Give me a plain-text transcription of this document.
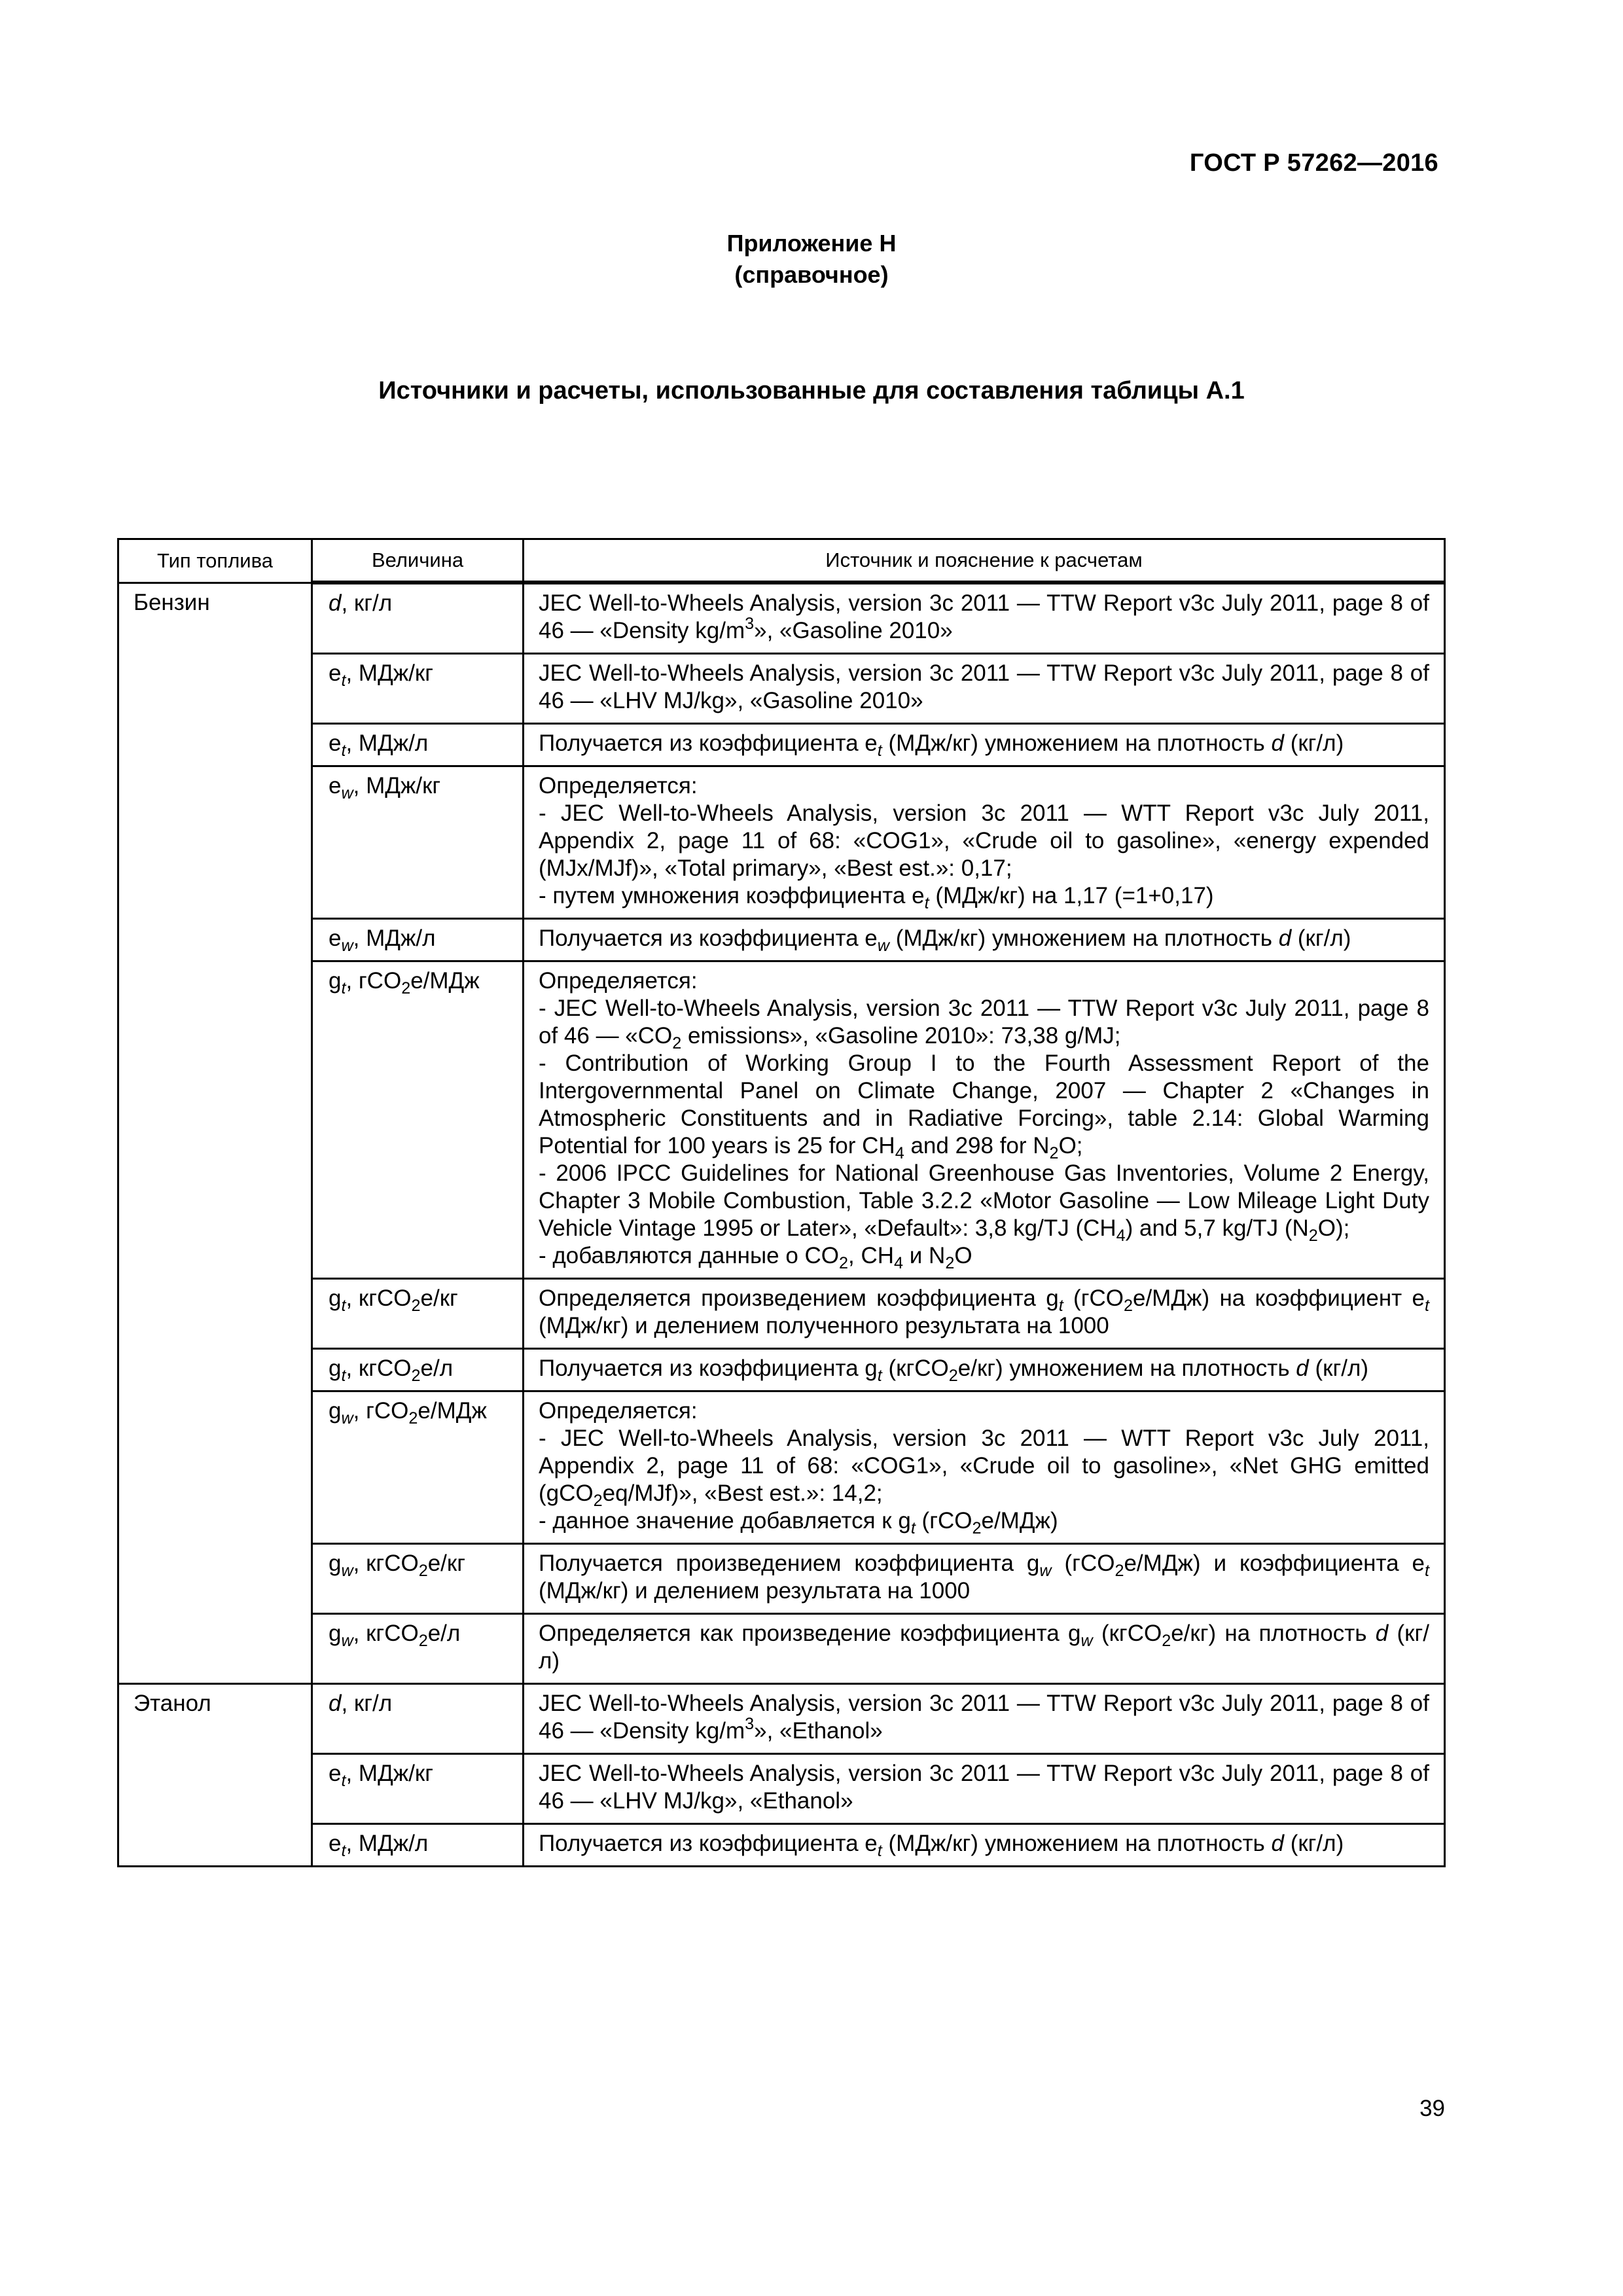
ГОСТ Р 57262—2016
Приложение Н
(справочное)
Источники и расчеты, использованные для составления таблицы А.1
Тип топлива	Величина	Источник и пояснение к расчетам
Бензин	d, кг/л	JEC Well-to-Wheels Analysis, version 3c 2011 — TTW Report v3c July 2011, page 8 of 46 — «Density $kg/m^3$», «Gasoline 2010»
	$e_t$, МДж/кг	JEC Well-to-Wheels Analysis, version 3c 2011 — TTW Report v3c July 2011, page 8 of 46 — «LHV MJ/kg», «Gasoline 2010»
	$e_t$, МДж/л	Получается из коэффициента $e_t$ (МДж/кг) умножением на плотность d (кг/л)
	$e_w$, МДж/кг	Определяется:
- JEC Well-to-Wheels Analysis, version 3c 2011 — WTT Report v3c July 2011, Appendix 2, page 11 of 68: «COG1», «Crude oil to gasoline», «energy expended (MJx/MJf)», «Total primary», «Best est.»: 0,17;
- путем умножения коэффициента $e_t$ (МДж/кг) на 1,17 (=1+0,17)
	$e_w$, МДж/л	Получается из коэффициента $e_w$ (МДж/кг) умножением на плотность d (кг/л)
	$g_t$, гCO$_2$e/МДж	Определяется:
- JEC Well-to-Wheels Analysis, version 3c 2011 — TTW Report v3c July 2011, page 8 of 46 — «$CO_2$ emissions», «Gasoline 2010»: 73,38 g/MJ;
- Contribution of Working Group I to the Fourth Assessment Report of the Intergovernmental Panel on Climate Change, 2007 — Chapter 2 «Changes in Atmospheric Constituents and in Radiative Forcing», table 2.14: Global Warming Potential for 100 years is 25 for $CH_4$ and 298 for $N_2O$;
- 2006 IPCC Guidelines for National Greenhouse Gas Inventories, Volume 2 Energy, Chapter 3 Mobile Combustion, Table 3.2.2 «Motor Gasoline — Low Mileage Light Duty Vehicle Vintage 1995 or Later», «Default»: 3,8 kg/TJ $(CH_4)$ and 5,7 kg/TJ $(N_2O)$;
- добавляются данные о $CO_2$, $CH_4$ и $N_2O$
	$g_t$, кгCO$_2$e/кг	Определяется произведением коэффициента $g_t$ (гCO$_2$e/МДж) на коэффициент $e_t$ (МДж/кг) и делением полученного результата на 1000
	$g_t$, кгCO$_2$e/л	Получается из коэффициента $g_t$ (кгCO$_2$e/кг) умножением на плотность d (кг/л)
	$g_w$, гCO$_2$e/МДж	Определяется:
- JEC Well-to-Wheels Analysis, version 3c 2011 — WTT Report v3c July 2011, Appendix 2, page 11 of 68: «COG1», «Crude oil to gasoline», «Net GHG emitted (gCO$_2$eq/MJf)», «Best est.»: 14,2;
- данное значение добавляется к $g_t$ (гCO$_2$e/МДж)
	$g_w$, кгCO$_2$e/кг	Получается произведением коэффициента $g_w$ (гCO$_2$e/МДж) и коэффициента $e_t$ (МДж/кг) и делением результата на 1000
	$g_w$, кгCO$_2$e/л	Определяется как произведение коэффициента $g_w$ (кгCO$_2$e/кг) на плотность d (кг/л)
Этанол	d, кг/л	JEC Well-to-Wheels Analysis, version 3c 2011 — TTW Report v3c July 2011, page 8 of 46 — «Density $kg/m^3$», «Ethanol»
	$e_t$, МДж/кг	JEC Well-to-Wheels Analysis, version 3c 2011 — TTW Report v3c July 2011, page 8 of 46 — «LHV MJ/kg», «Ethanol»
	$e_t$, МДж/л	Получается из коэффициента $e_t$ (МДж/кг) умножением на плотность d (кг/л)
39
